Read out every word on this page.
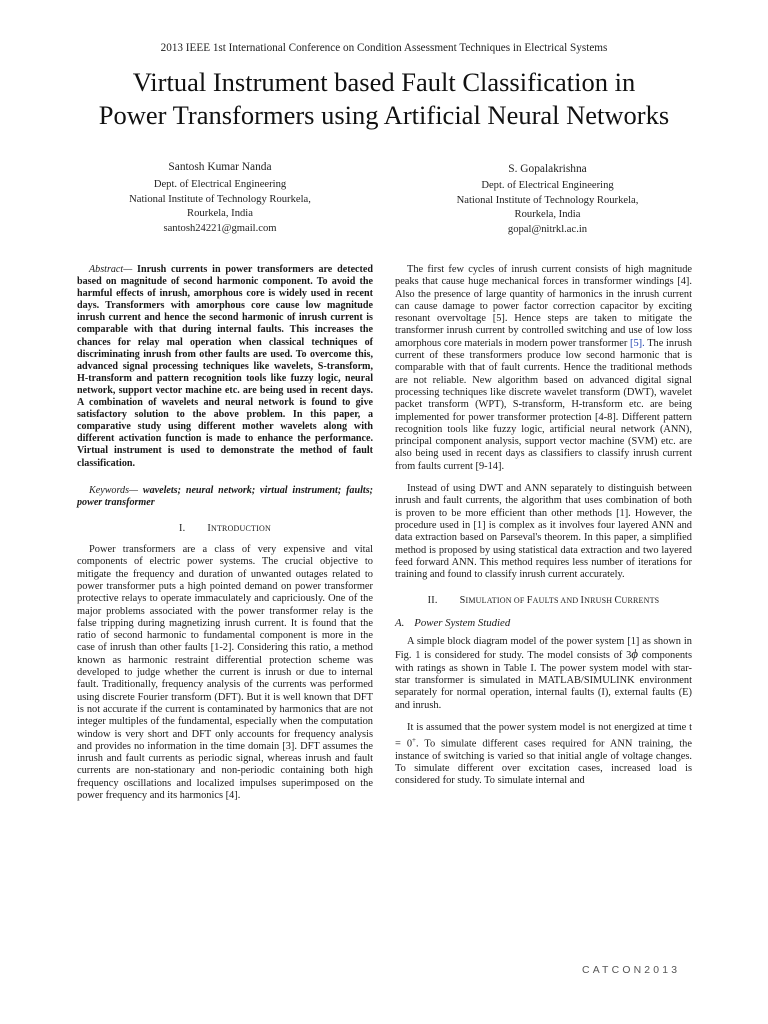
2013 IEEE 1st International Conference on Condition Assessment Techniques in Electrical Systems
Virtual Instrument based Fault Classification in
Power Transformers using Artificial Neural Networks
Santosh Kumar Nanda
Dept. of Electrical Engineering
National Institute of Technology Rourkela,
Rourkela, India
santosh24221@gmail.com
S. Gopalakrishna
Dept. of Electrical Engineering
National Institute of Technology Rourkela,
Rourkela, India
gopal@nitrkl.ac.in

Abstract— Inrush currents in power transformers are detected based on magnitude of second harmonic component. To avoid the harmful effects of inrush, amorphous core is widely used in recent days. Transformers with amorphous core cause low magnitude inrush current and hence the second harmonic of inrush current is comparable with that during internal faults. This increases the chances for relay mal operation when classical techniques of discriminating inrush from other faults are used. To overcome this, advanced signal processing techniques like wavelets, S-transform, H-transform and pattern recognition tools like fuzzy logic, neural network, support vector machine etc. are being used in recent days. A combination of wavelets and neural network is found to give satisfactory solution to the above problem. In this paper, a comparative study using different mother wavelets along with different activation function is made to enhance the performance. Virtual instrument is used to demonstrate the method of fault classification.

Keywords— wavelets; neural network; virtual instrument; faults; power transformer

I. INTRODUCTION

Power transformers are a class of very expensive and vital components of electric power systems. The crucial objective to mitigate the frequency and duration of unwanted outages related to power transformer puts a high pointed demand on power transformer protective relays to operate immaculately and capriciously. One of the major problems associated with the power transformer relay is the false tripping during magnetizing inrush current. It is found that the ratio of second harmonic to fundamental component is more in the case of inrush than other faults [1-2]. Considering this ratio, a method known as harmonic restraint differential protection scheme was developed to judge whether the current is inrush or due to internal fault. Traditionally, frequency analysis of the currents was performed using discrete Fourier transform (DFT). But it is well known that DFT is not accurate if the current is contaminated by harmonics that are not integer multiples of the fundamental, especially when the computation window is very short and DFT only accounts for frequency analysis and provides no information in the time domain [3]. DFT assumes the inrush and fault currents as periodic signal, whereas inrush and fault currents are non-stationary and non-periodic containing both high frequency oscillations and localized impulses superimposed on the power frequency and its harmonics [4].

The first few cycles of inrush current consists of high magnitude peaks that cause huge mechanical forces in transformer windings [4]. Also the presence of large quantity of harmonics in the inrush current can cause damage to power factor correction capacitor by exciting resonant overvoltage [5]. Hence steps are taken to mitigate the transformer inrush current by controlled switching and use of low loss amorphous core materials in modern power transformer [5]. The inrush current of these transformers produce low second harmonic that is comparable with that of fault currents. Hence the traditional methods are not reliable. New algorithm based on advanced digital signal processing techniques like discrete wavelet transform (DWT), wavelet packet transform (WPT), S-transform, H-transform etc. are being implemented for power transformer protection [4-8]. Different pattern recognition tools like fuzzy logic, artificial neural network (ANN), principal component analysis, support vector machine (SVM) etc. are also being used in recent days as classifiers to classify inrush current from faults current [9-14].

Instead of using DWT and ANN separately to distinguish between inrush and fault currents, the algorithm that uses combination of both is proven to be more efficient than other methods [1]. However, the procedure used in [1] is complex as it involves four layered ANN and data extraction based on Parseval's theorem. In this paper, a simplified method is proposed by using statistical data extraction and two layered feed forward ANN. This method requires less number of iterations for training and found to classify inrush current accurately.

II. SIMULATION OF FAULTS AND INRUSH CURRENTS
A. Power System Studied

A simple block diagram model of the power system [1] as shown in Fig. 1 is considered for study. The model consists of 3ϕ components with ratings as shown in Table I. The power system model with star-star transformer is simulated in MATLAB/SIMULINK environment separately for normal operation, internal faults (I), external faults (E) and inrush.

It is assumed that the power system model is not energized at time t = 0+. To simulate different cases required for ANN training, the instance of switching is varied so that initial angle of voltage changes. To simulate different over excitation cases, increased load is considered for study. To simulate internal and

CATCON2013
